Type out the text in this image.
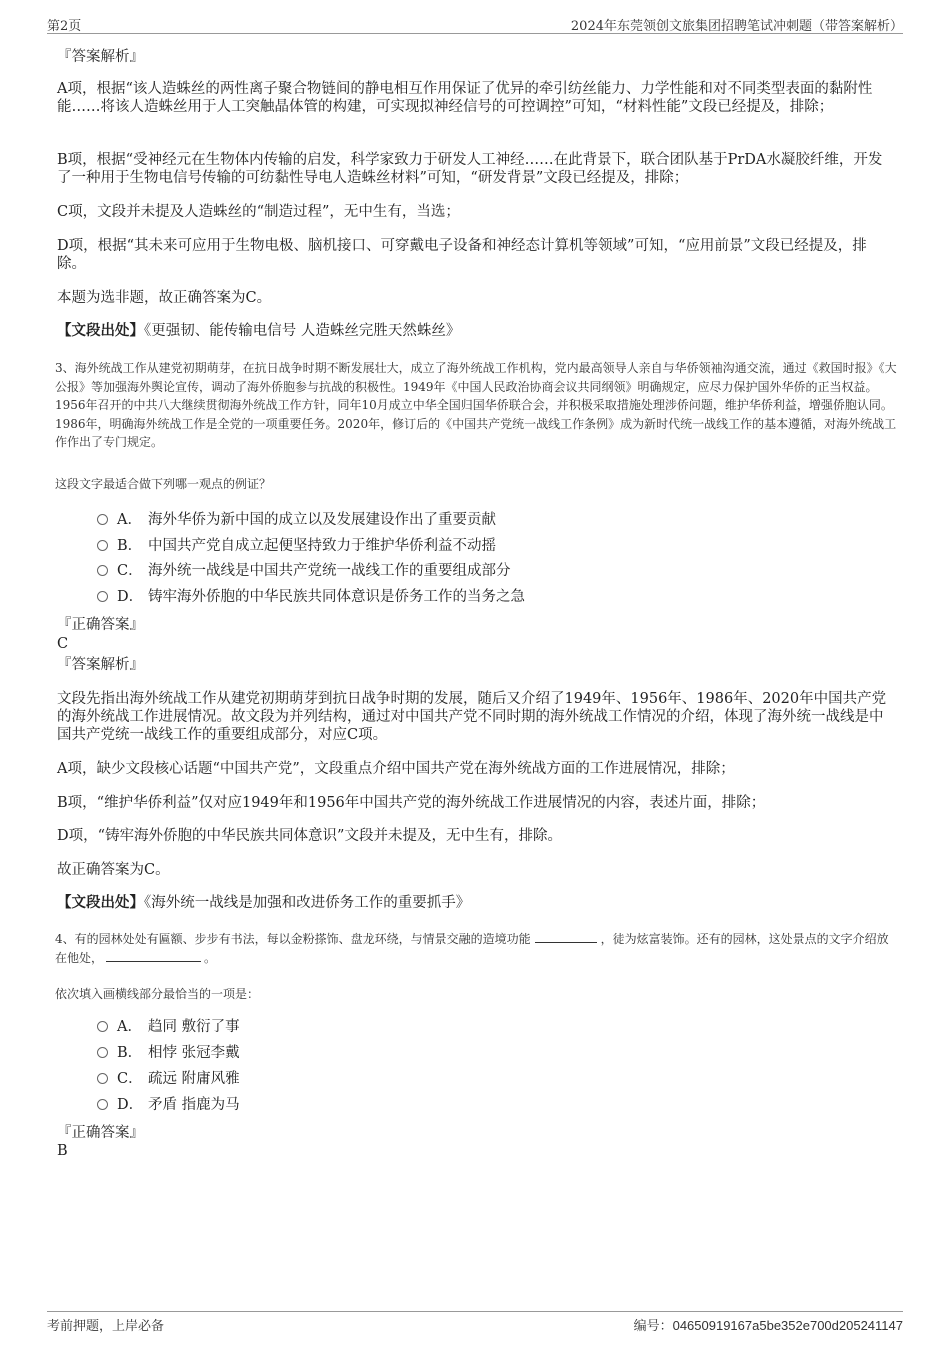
第2页	2024年东莞领创文旅集团招聘笔试冲刺题（带答案解析）
『答案解析』
A项，根据“该人造蛛丝的两性离子聚合物链间的静电相互作用保证了优异的牵引纺丝能力、力学性能和对不同类型表面的黏附性能……将该人造蛛丝用于人工突触晶体管的构建，可实现拟神经信号的可控调控”可知，“材料性能”文段已经提及，排除；
B项，根据“受神经元在生物体内传输的启发，科学家致力于研发人工神经……在此背景下，联合团队基于PrDA水凝胶纤维，开发了一种用于生物电信号传输的可纺黏性导电人造蛛丝材料”可知，“研发背景”文段已经提及，排除；
C项，文段并未提及人造蛛丝的“制造过程”，无中生有，当选；
D项，根据“其未来可应用于生物电极、脑机接口、可穿戴电子设备和神经态计算机等领域”可知，“应用前景”文段已经提及，排除。
本题为选非题，故正确答案为C。
【文段出处】《更强韧、能传输电信号 人造蛛丝完胜天然蛛丝》
3、海外统战工作从建党初期萌芽，在抗日战争时期不断发展壮大，成立了海外统战工作机构，党内最高领导人亲自与华侨领袖沟通交流，通过《救国时报》《大公报》等加强海外舆论宣传，调动了海外侨胞参与抗战的积极性。1949年《中国人民政治协商会议共同纲领》明确规定，应尽力保护国外华侨的正当权益。1956年召开的中共八大继续贯彻海外统战工作方针，同年10月成立中华全国归国华侨联合会，并积极采取措施处理涉侨问题，维护华侨利益，增强侨胞认同。1986年，明确海外统战工作是全党的一项重要任务。2020年，修订后的《中国共产党统一战线工作条例》成为新时代统一战线工作的基本遵循，对海外统战工作作出了专门规定。
这段文字最适合做下列哪一观点的例证？
A． 海外华侨为新中国的成立以及发展建设作出了重要贡献
B． 中国共产党自成立起便坚持致力于维护华侨利益不动摇
C． 海外统一战线是中国共产党统一战线工作的重要组成部分
D． 铸牢海外侨胞的中华民族共同体意识是侨务工作的当务之急
『正确答案』
C
『答案解析』
文段先指出海外统战工作从建党初期萌芽到抗日战争时期的发展，随后又介绍了1949年、1956年、1986年、2020年中国共产党的海外统战工作进展情况。故文段为并列结构，通过对中国共产党不同时期的海外统战工作情况的介绍，体现了海外统一战线是中国共产党统一战线工作的重要组成部分，对应C项。
A项，缺少文段核心话题“中国共产党”，文段重点介绍中国共产党在海外统战方面的工作进展情况，排除；
B项，“维护华侨利益”仅对应1949年和1956年中国共产党的海外统战工作进展情况的内容，表述片面，排除；
D项，“铸牢海外侨胞的中华民族共同体意识”文段并未提及，无中生有，排除。
故正确答案为C。
【文段出处】《海外统一战线是加强和改进侨务工作的重要抓手》
4、有的园林处处有匾额、步步有书法，每以金粉搽饰、盘龙环绕，与情景交融的造境功能	，徒为炫富装饰。还有的园林，这处景点的文字介绍放在他处，	。
依次填入画横线部分最恰当的一项是：
A． 趋同 敷衍了事
B． 相悖 张冠李戴
C． 疏远 附庸风雅
D． 矛盾 指鹿为马
『正确答案』
B
考前押题，上岸必备	编号：04650919167a5be352e700d205241147
